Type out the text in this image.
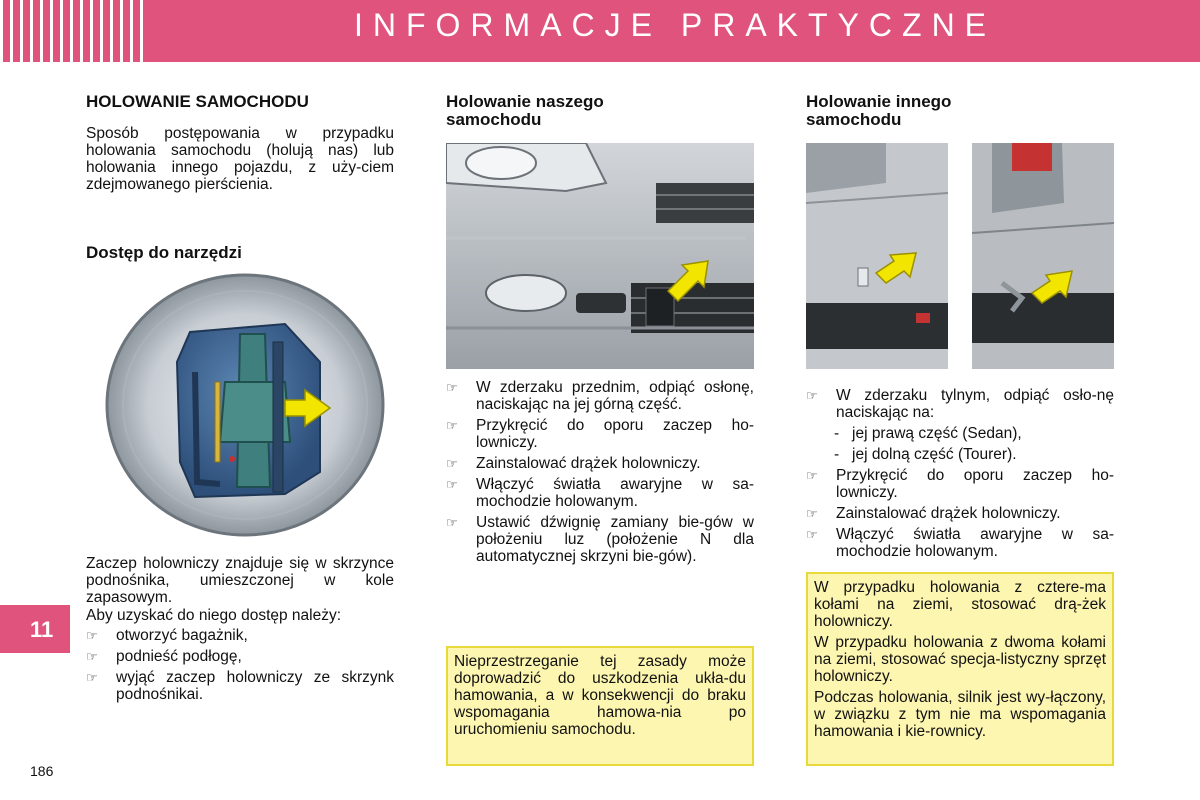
INFORMACJE PRAKTYCZNE
11
186
HOLOWANIE SAMOCHODU
Sposób postępowania w przypadku holowania samochodu (holują nas) lub holowania innego pojazdu, z uży-ciem zdejmowanego pierścienia.
Dostęp do narzędzi
Zaczep holowniczy znajduje się w skrzynce podnośnika, umieszczonej w kole zapasowym.
Aby uzyskać do niego dostęp należy:
☞	otworzyć bagażnik,
☞	podnieść podłogę,
☞	wyjąć zaczep holowniczy ze skrzynk podnośnikai.
Holowanie naszego
samochodu
☞	W zderzaku przednim, odpiąć osłonę, naciskając na jej górną część.
☞	Przykręcić do oporu zaczep ho-lowniczy.
☞	Zainstalować drążek holowniczy.
☞	Włączyć światła awaryjne w sa-mochodzie holowanym.
☞	Ustawić dźwignię zamiany bie-gów w położeniu luz (położenie N dla automatycznej skrzyni bie-gów).

Nieprzestrzeganie tej zasady może doprowadzić do uszkodzenia ukła-du hamowania, a w konsekwencji do braku wspomagania hamowa-nia po uruchomieniu samochodu.

Holowanie innego
samochodu
☞	W zderzaku tylnym, odpiąć osło-nę naciskając na:
- jej prawą część (Sedan),
- jej dolną część (Tourer).
☞	Przykręcić do oporu zaczep ho-lowniczy.
☞	Zainstalować drążek holowniczy.
☞	Włączyć światła awaryjne w sa-mochodzie holowanym.

W przypadku holowania z cztere-ma kołami na ziemi, stosować drą-żek holowniczy.

W przypadku holowania z dwoma kołami na ziemi, stosować specja-listyczny sprzęt holowniczy.

Podczas holowania, silnik jest wy-łączony, w związku z tym nie ma wspomagania hamowania i kie-rownicy.
